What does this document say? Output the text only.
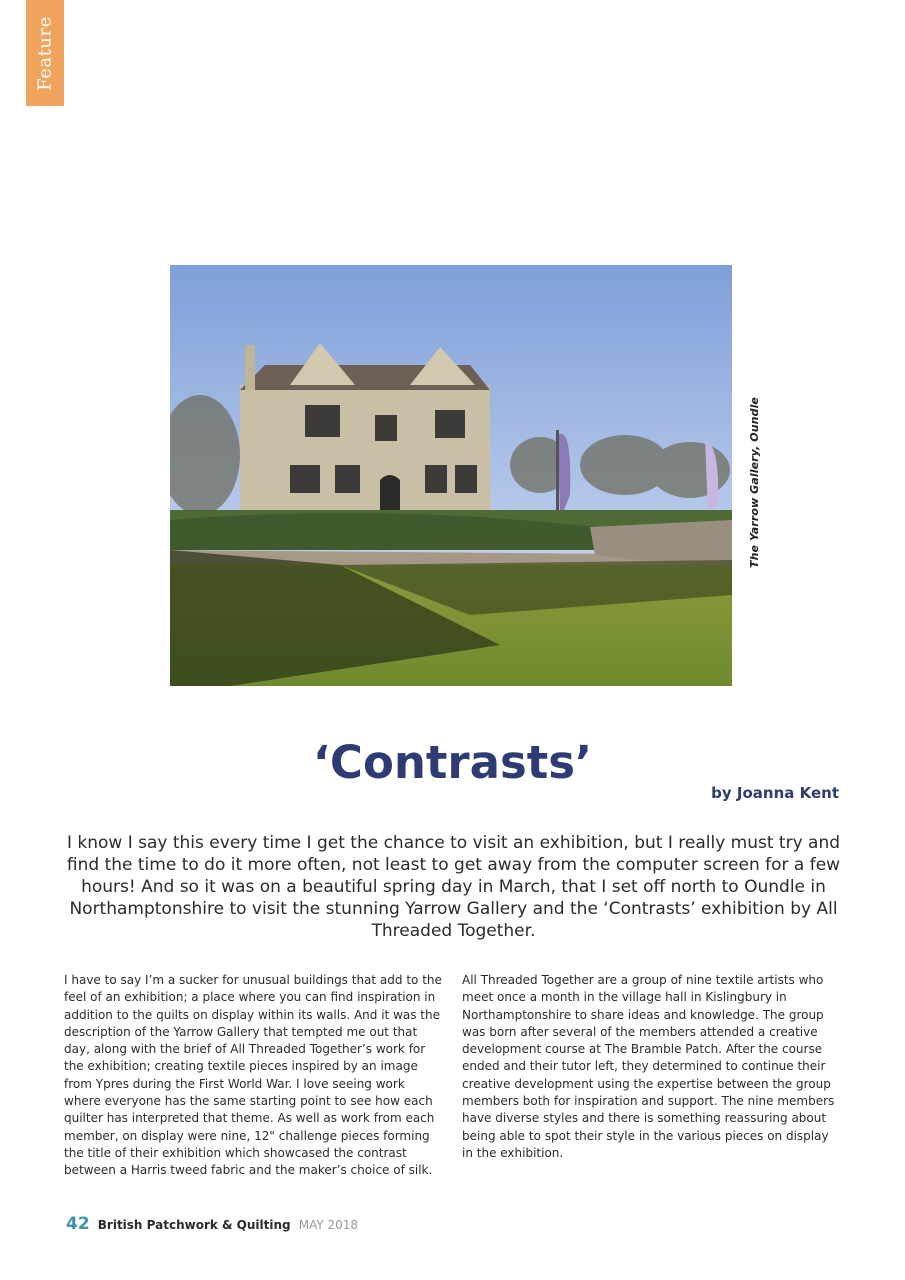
Feature
The Yarrow Gallery, Oundle
‘Contrasts’

by Joanna Kent

I know I say this every time I get the chance to visit an exhibition, but I really must try and find the time to do it more often, not least to get away from the computer screen for a few hours! And so it was on a beautiful spring day in March, that I set off north to Oundle in Northamptonshire to visit the stunning Yarrow Gallery and the ‘Contrasts’ exhibition by All Threaded Together.

I have to say I’m a sucker for unusual buildings that add to the feel of an exhibition; a place where you can find inspiration in addition to the quilts on display within its walls. And it was the description of the Yarrow Gallery that tempted me out that day, along with the brief of All Threaded Together’s work for the exhibition; creating textile pieces inspired by an image from Ypres during the First World War. I love seeing work where everyone has the same starting point to see how each quilter has interpreted that theme. As well as work from each member, on display were nine, 12" challenge pieces forming the title of their exhibition which showcased the contrast between a Harris tweed fabric and the maker’s choice of silk.

All Threaded Together are a group of nine textile artists who meet once a month in the village hall in Kislingbury in Northamptonshire to share ideas and knowledge. The group was born after several of the members attended a creative development course at The Bramble Patch. After the course ended and their tutor left, they determined to continue their creative development using the expertise between the group members both for inspiration and support. The nine members have diverse styles and there is something reassuring about being able to spot their style in the various pieces on display in the exhibition.

42 British Patchwork & Quilting MAY 2018
